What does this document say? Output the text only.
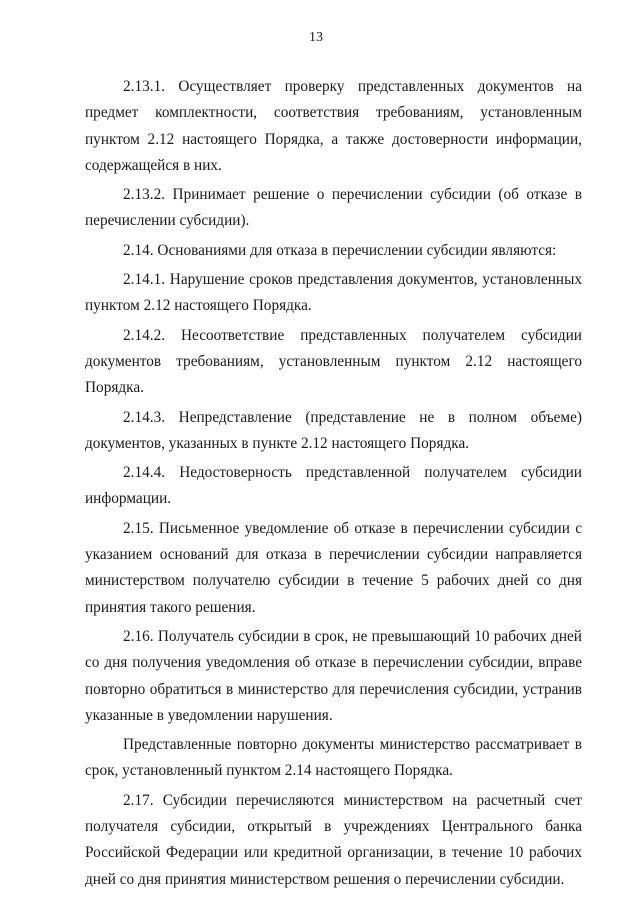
13

2.13.1. Осуществляет проверку представленных документов на предмет комплектности, соответствия требованиям, установленным пунктом 2.12 настоящего Порядка, а также достоверности информации, содержащейся в них.

2.13.2. Принимает решение о перечислении субсидии (об отказе в перечислении субсидии).

2.14. Основаниями для отказа в перечислении субсидии являются:

2.14.1. Нарушение сроков представления документов, установленных пунктом 2.12 настоящего Порядка.

2.14.2. Несоответствие представленных получателем субсидии документов требованиям, установленным пунктом 2.12 настоящего Порядка.

2.14.3. Непредставление (представление не в полном объеме) документов, указанных в пункте 2.12 настоящего Порядка.

2.14.4. Недостоверность представленной получателем субсидии информации.

2.15. Письменное уведомление об отказе в перечислении субсидии с указанием оснований для отказа в перечислении субсидии направляется министерством получателю субсидии в течение 5 рабочих дней со дня принятия такого решения.

2.16. Получатель субсидии в срок, не превышающий 10 рабочих дней со дня получения уведомления об отказе в перечислении субсидии, вправе повторно обратиться в министерство для перечисления субсидии, устранив указанные в уведомлении нарушения.

Представленные повторно документы министерство рассматривает в срок, установленный пунктом 2.14 настоящего Порядка.

2.17. Субсидии перечисляются министерством на расчетный счет получателя субсидии, открытый в учреждениях Центрального банка Российской Федерации или кредитной организации, в течение 10 рабочих дней со дня принятия министерством решения о перечислении субсидии.
